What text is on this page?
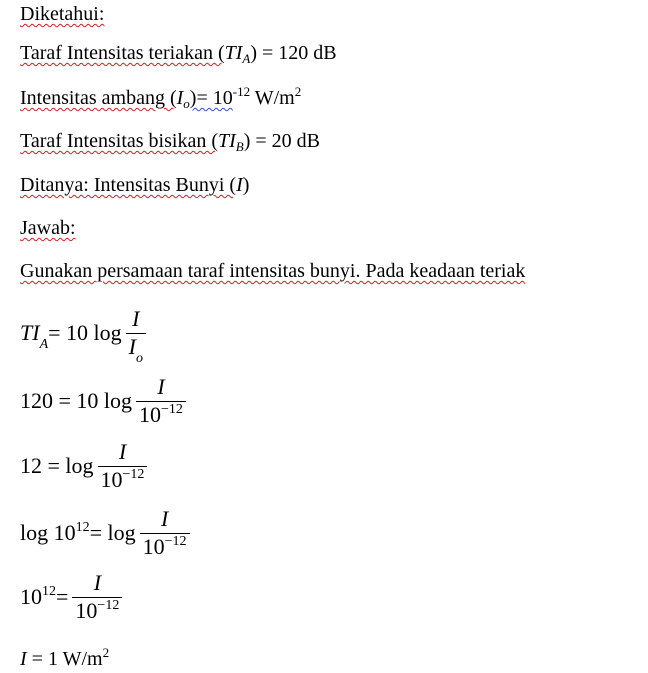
Diketahui:
Taraf Intensitas teriakan $(TI_A) = 120$ dB
Intensitas ambang $(I_o)= 10^{-12}$ $W/m^2$
Taraf Intensitas bisikan $(TI_B) = 20$ dB
Ditanya: Intensitas Bunyi (I)
Jawab:
Gunakan persamaan taraf intensitas bunyi. Pada keadaan teriak
$TI_A = 10$ $\log \frac{I}{I_o}$
120 = 10 $\log \frac{I}{10^{-12}}$
$12 = \log \frac{I}{10^{-12}}$
$\log 10^{12} = \log \frac{I}{10^{-12}}$
$10^{12} = \frac{I}{10^{-12}}$
I = 1 $W/m^2$
